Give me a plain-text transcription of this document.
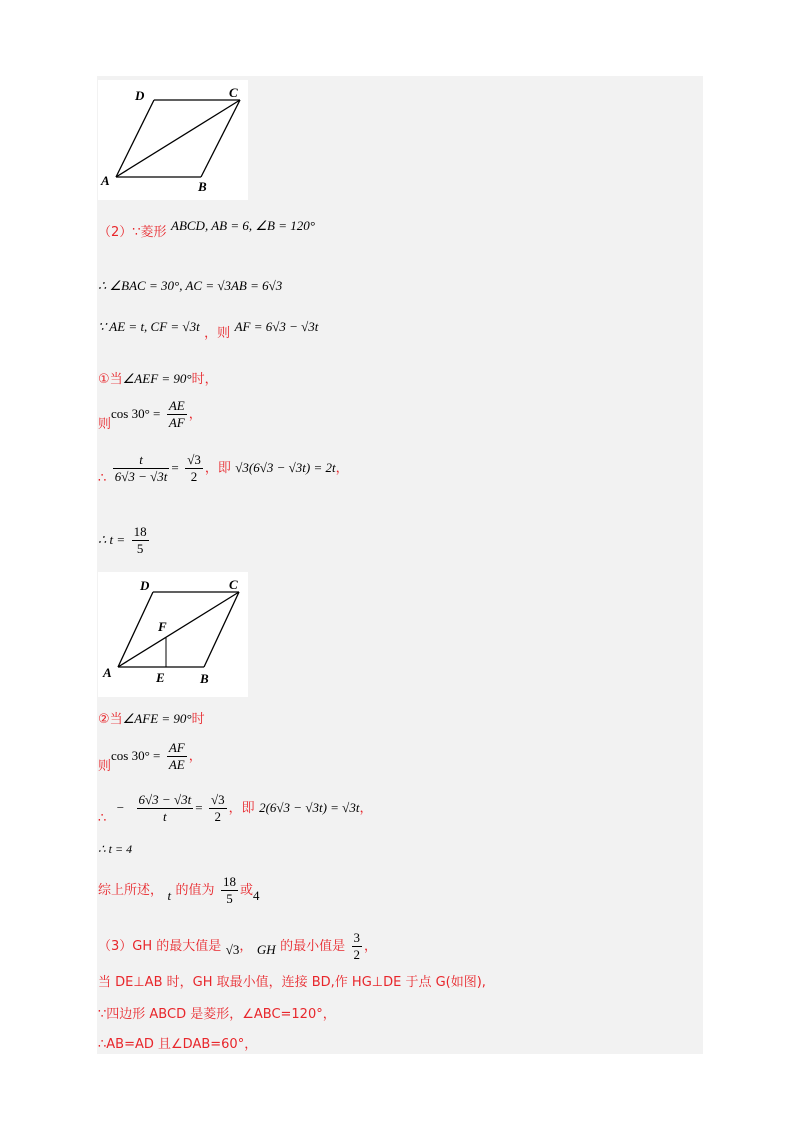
D	C
A	B
（2）∵菱形 ABCD, AB = 6, ∠B = 120°
∴ ∠BAC = 30°, AC = √3AB = 6√3
∵ AE = t, CF = √3t ，则 AF = 6√3 − √3t
①当∠AEF = 90°时，
则$\cos 30^\circ = \frac{AE}{AF}$ ，
∴ $\frac{t}{6√3 - √3t} = \frac{√3}{2}$ ，即 √3(6√3 − √3t) = 2t，
∴ $t = \frac{18}{5}$
D	C
F
A	E	B
②当∠AFE = 90°时
则$\cos 30^\circ = \frac{AF}{AE}$ ，
∴ − $\frac{6√3 - √3t}{t} = \frac{√3}{2}$ ，即 2(6√3 − √3t) = √3t，
∴ t = 4
综上所述， t 的值为 $\frac{18}{5}$ 或4
（3）GH 的最大值是 √3， GH 的最小值是 $\frac{3}{2}$ ，
当 DE⊥AB 时，GH 取最小值，连接 BD,作 HG⊥DE 于点 G(如图),
∵四边形 ABCD 是菱形，∠ABC=120°，
∴AB=AD 且∠DAB=60°，
